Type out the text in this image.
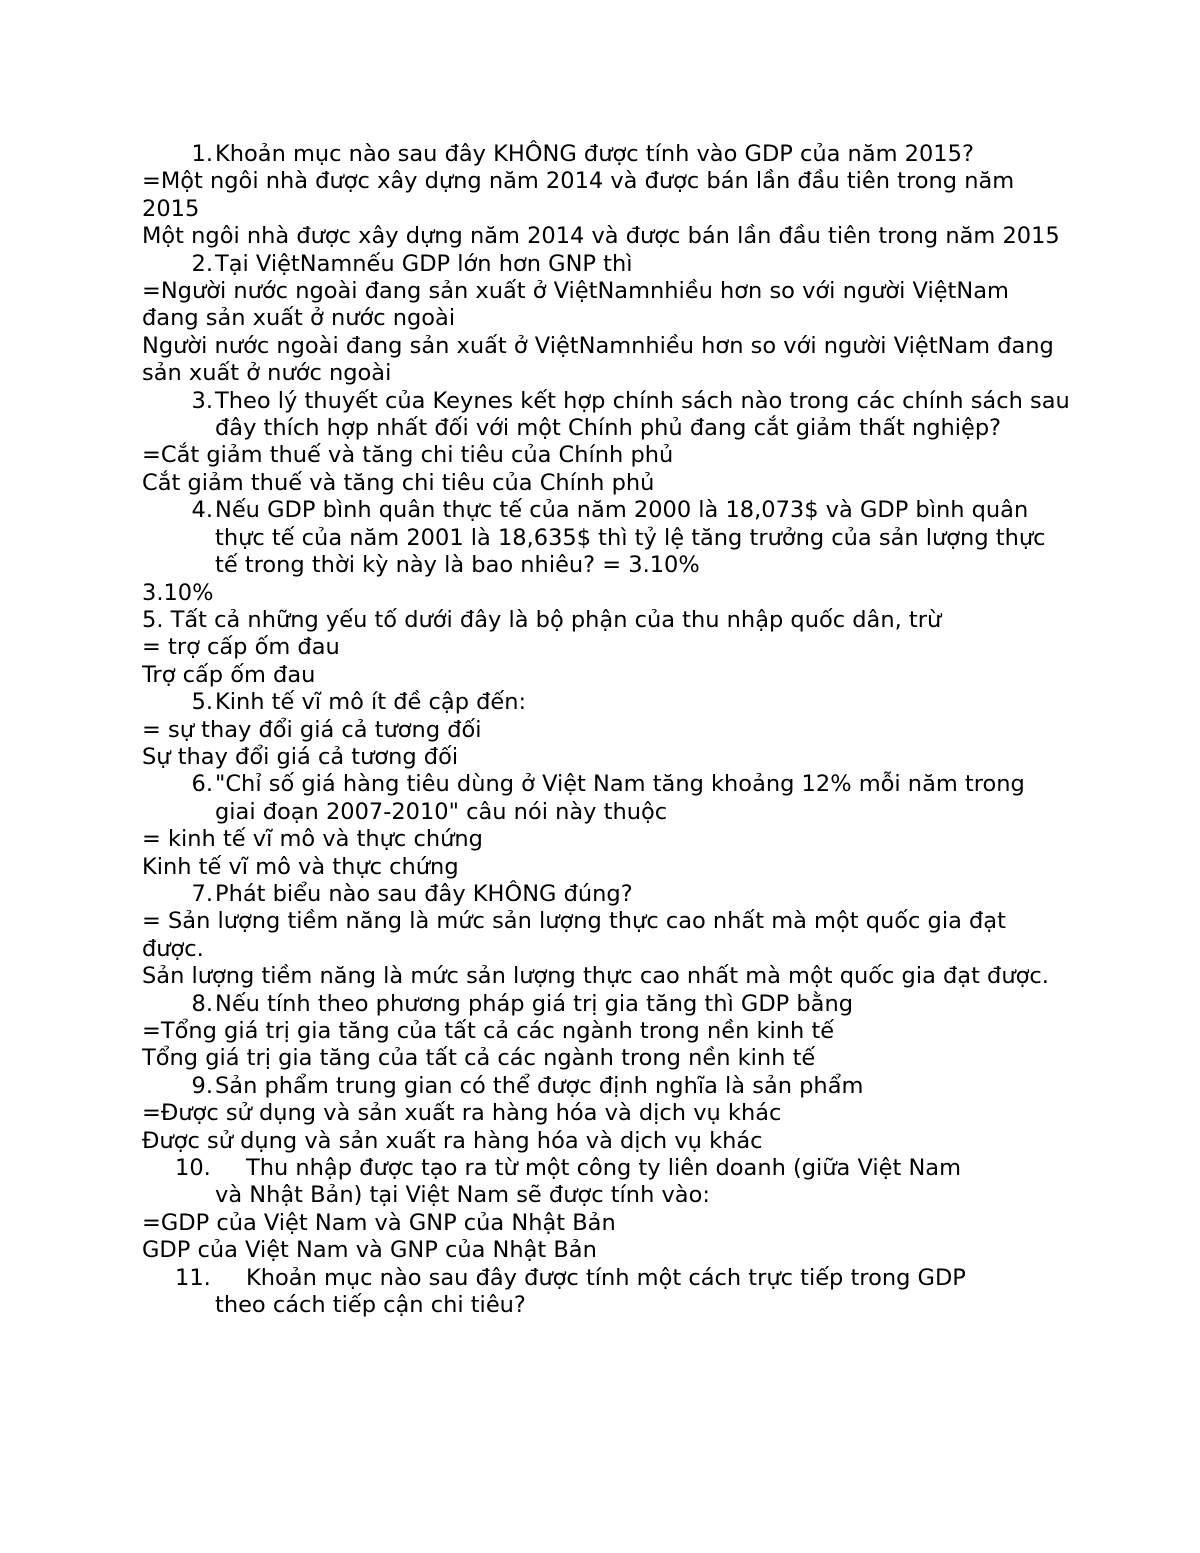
1. Khoản mục nào sau đây KHÔNG được tính vào GDP của năm 2015?

=Một ngôi nhà được xây dựng năm 2014 và được bán lần đầu tiên trong năm 2015

Một ngôi nhà được xây dựng năm 2014 và được bán lần đầu tiên trong năm 2015

2. Tại ViệtNamnếu GDP lớn hơn GNP thì

=Người nước ngoài đang sản xuất ở ViệtNamnhiều hơn so với người ViệtNam đang sản xuất ở nước ngoài

Người nước ngoài đang sản xuất ở ViệtNamnhiều hơn so với người ViệtNam đang sản xuất ở nước ngoài

3. Theo lý thuyết của Keynes kết hợp chính sách nào trong các chính sách sau đây thích hợp nhất đối với một Chính phủ đang cắt giảm thất nghiệp?

=Cắt giảm thuế và tăng chi tiêu của Chính phủ

Cắt giảm thuế và tăng chi tiêu của Chính phủ

4. Nếu GDP bình quân thực tế của năm 2000 là 18,073$ và GDP bình quân thực tế của năm 2001 là 18,635$ thì tỷ lệ tăng trưởng của sản lượng thực tế trong thời kỳ này là bao nhiêu? = 3.10%

3.10%

5. Tất cả những yếu tố dưới đây là bộ phận của thu nhập quốc dân, trừ

= trợ cấp ốm đau

Trợ cấp ốm đau

5. Kinh tế vĩ mô ít đề cập đến:

= sự thay đổi giá cả tương đối

Sự thay đổi giá cả tương đối

6. "Chỉ số giá hàng tiêu dùng ở Việt Nam tăng khoảng 12% mỗi năm trong giai đoạn 2007-2010" câu nói này thuộc

= kinh tế vĩ mô và thực chứng

Kinh tế vĩ mô và thực chứng

7. Phát biểu nào sau đây KHÔNG đúng?

= Sản lượng tiềm năng là mức sản lượng thực cao nhất mà một quốc gia đạt được.

Sản lượng tiềm năng là mức sản lượng thực cao nhất mà một quốc gia đạt được.

8. Nếu tính theo phương pháp giá trị gia tăng thì GDP bằng

=Tổng giá trị gia tăng của tất cả các ngành trong nền kinh tế

Tổng giá trị gia tăng của tất cả các ngành trong nền kinh tế

9. Sản phẩm trung gian có thể được định nghĩa là sản phẩm

=Được sử dụng và sản xuất ra hàng hóa và dịch vụ khác

Được sử dụng và sản xuất ra hàng hóa và dịch vụ khác

10.	Thu nhập được tạo ra từ một công ty liên doanh (giữa Việt Nam
và Nhật Bản) tại Việt Nam sẽ được tính vào:

=GDP của Việt Nam và GNP của Nhật Bản

GDP của Việt Nam và GNP của Nhật Bản

11.	Khoản mục nào sau đây được tính một cách trực tiếp trong GDP
theo cách tiếp cận chi tiêu?
